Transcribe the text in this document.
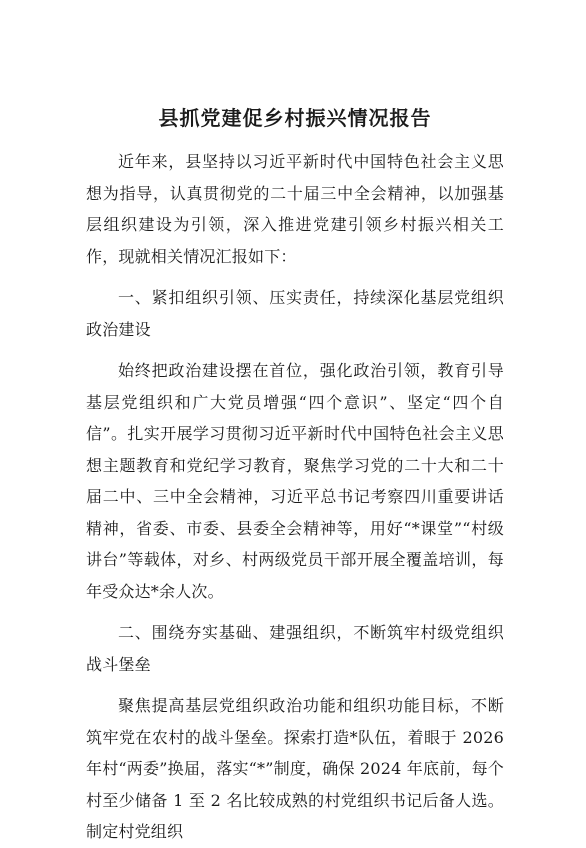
县抓党建促乡村振兴情况报告

近年来，县坚持以习近平新时代中国特色社会主义思想为指导，认真贯彻党的二十届三中全会精神，以加强基层组织建设为引领，深入推进党建引领乡村振兴相关工作，现就相关情况汇报如下：

一、紧扣组织引领、压实责任，持续深化基层党组织政治建设

始终把政治建设摆在首位，强化政治引领，教育引导基层党组织和广大党员增强“四个意识”、坚定“四个自信”。扎实开展学习贯彻习近平新时代中国特色社会主义思想主题教育和党纪学习教育，聚焦学习党的二十大和二十届二中、三中全会精神，习近平总书记考察四川重要讲话精神，省委、市委、县委全会精神等，用好“*课堂”“村级讲台”等载体，对乡、村两级党员干部开展全覆盖培训，每年受众达*余人次。

二、围绕夯实基础、建强组织，不断筑牢村级党组织战斗堡垒

聚焦提高基层党组织政治功能和组织功能目标，不断筑牢党在农村的战斗堡垒。探索打造*队伍，着眼于 2026 年村“两委”换届，落实“*”制度，确保 2024 年底前，每个村至少储备 1 至 2 名比较成熟的村党组织书记后备人选。制定村党组织
